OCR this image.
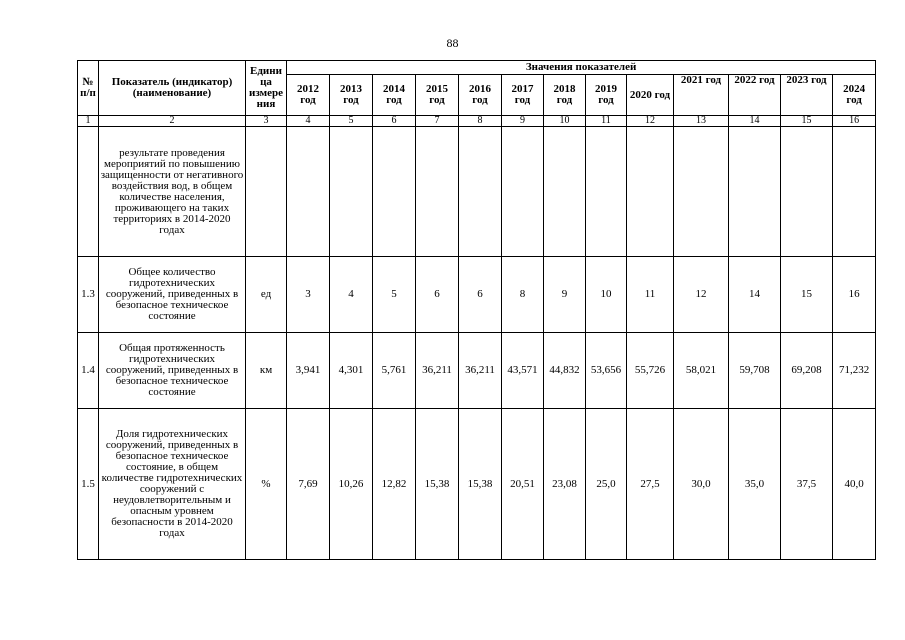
88
№ п/п	Показатель (индикатор) (наименование)	Едини ца измере ния	Значения показателей												
			2012 год	2013 год	2014 год	2015 год	2016 год	2017 год	2018 год	2019 год	2020 год	2021 год	2022 год	2023 год	2024 год
1	2	3	4	5	6	7	8	9	10	11	12	13	14	15	16
	результате проведения мероприятий по повышению защищенности от негативного воздействия вод, в общем количестве населения, проживающего на таких территориях в 2014-2020 годах														
1.3	Общее количество гидротехнических сооружений, приведенных в безопасное техническое состояние	ед	3	4	5	6	6	8	9	10	11	12	14	15	16
1.4	Общая протяженность гидротехнических сооружений, приведенных в безопасное техническое состояние	км	3,941	4,301	5,761	36,211	36,211	43,571	44,832	53,656	55,726	58,021	59,708	69,208	71,232
1.5	Доля гидротехнических сооружений, приведенных в безопасное техническое состояние, в общем количестве гидротехнических сооружений с неудовлетворительным и опасным уровнем безопасности в 2014-2020 годах	%	7,69	10,26	12,82	15,38	15,38	20,51	23,08	25,0	27,5	30,0	35,0	37,5	40,0
